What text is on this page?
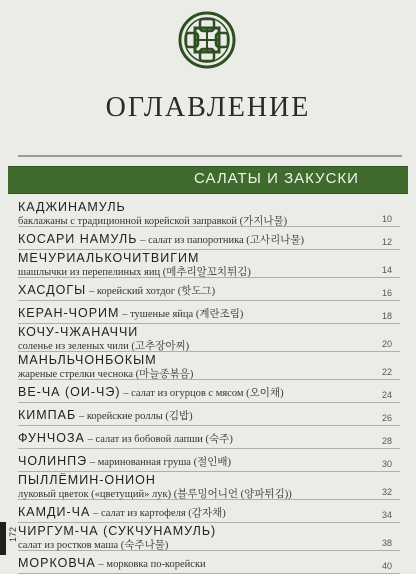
ОГЛАВЛЕНИЕ
САЛАТЫ И ЗАКУСКИ
КАДЖИНАМУЛЬ
баклажаны с традиционной корейской заправкой (가지나물)	10
КОСАРИ НАМУЛЬ – салат из папоротника (고사리나물)	12
МЕЧУРИАЛЬКОЧИТВИГИМ
шашлычки из перепелиных яиц (메추리알꼬치튀김)	14
ХАСДОГЫ – корейский хотдог (핫도그)	16
КЕРАН-ЧОРИМ – тушеные яйца (계란조림)	18
КОЧУ-ЧЖАНАЧЧИ
соленье из зеленых чили (고추장아찌)	20
МАНЬЛЬЧОНБОКЫМ
жареные стрелки чеснока (마늘종볶음)	22
ВЕ-ЧА (ОИ-ЧЭ) – салат из огурцов с мясом (오이채)	24
КИМПАБ – корейские роллы (김밥)	26
ФУНЧОЗА – салат из бобовой лапши (숙주)	28
ЧОЛИНПЭ – маринованная груша (절인배)	30
ПЫЛЛЁМИН-ОНИОН
луковый цветок («цветущий» лук) (블루밍어니언 (양파튀김))	32
КАМДИ-ЧА – салат из картофеля (감자채)	34
ЧИРГУМ-ЧА (СУКЧУНАМУЛЬ)
салат из ростков маша (숙주나물)	38
МОРКОВЧА – морковка по-корейски	40
172
